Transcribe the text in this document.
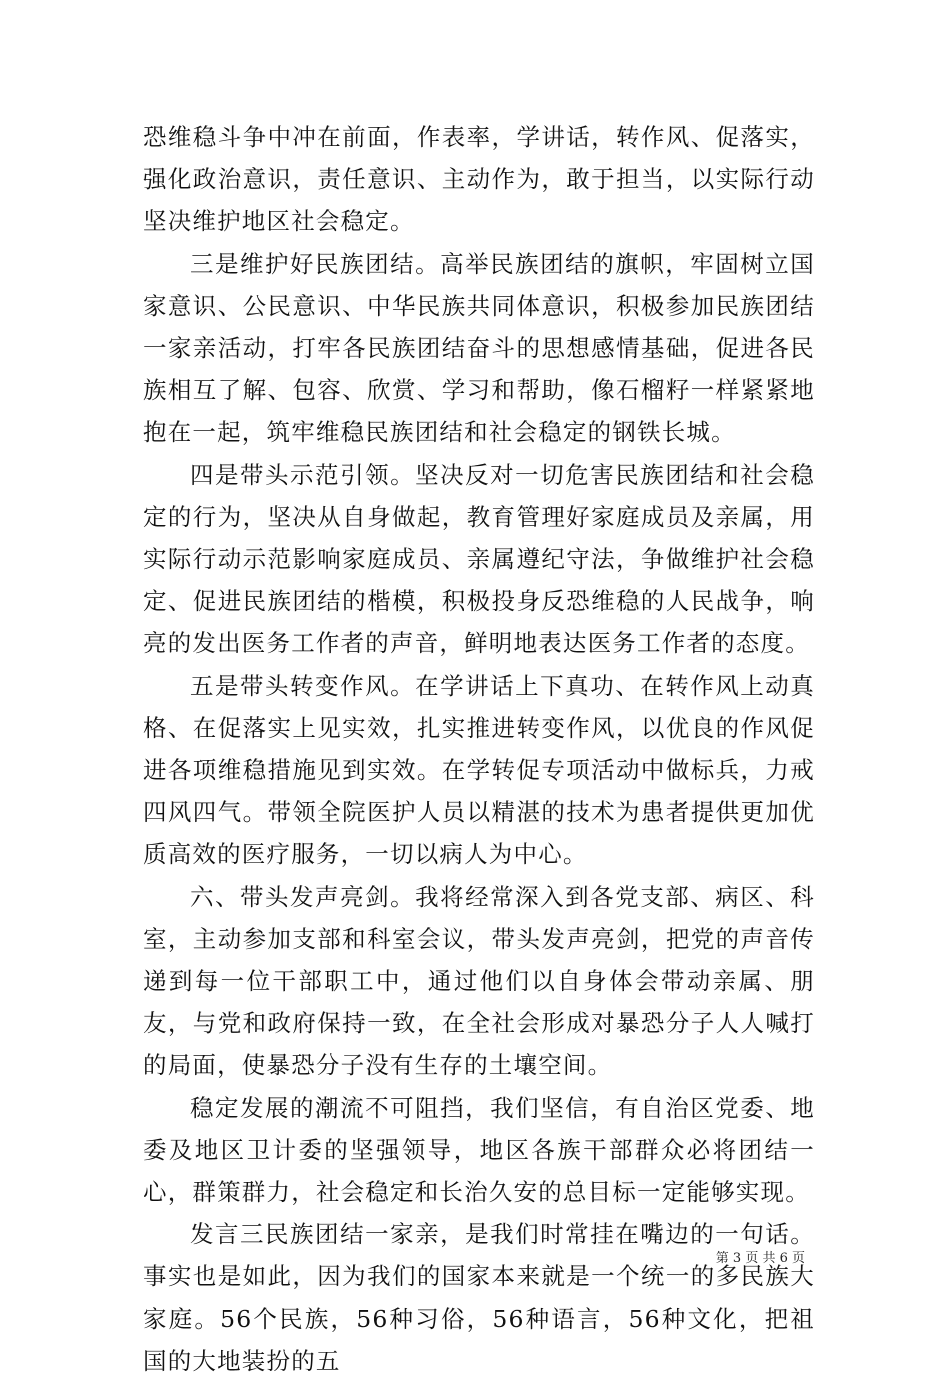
恐维稳斗争中冲在前面，作表率，学讲话，转作风、促落实，强化政治意识，责任意识、主动作为，敢于担当，以实际行动坚决维护地区社会稳定。

三是维护好民族团结。高举民族团结的旗帜，牢固树立国家意识、公民意识、中华民族共同体意识，积极参加民族团结一家亲活动，打牢各民族团结奋斗的思想感情基础，促进各民族相互了解、包容、欣赏、学习和帮助，像石榴籽一样紧紧地抱在一起，筑牢维稳民族团结和社会稳定的钢铁长城。

四是带头示范引领。坚决反对一切危害民族团结和社会稳定的行为，坚决从自身做起，教育管理好家庭成员及亲属，用实际行动示范影响家庭成员、亲属遵纪守法，争做维护社会稳定、促进民族团结的楷模，积极投身反恐维稳的人民战争，响亮的发出医务工作者的声音，鲜明地表达医务工作者的态度。

五是带头转变作风。在学讲话上下真功、在转作风上动真格、在促落实上见实效，扎实推进转变作风，以优良的作风促进各项维稳措施见到实效。在学转促专项活动中做标兵，力戒四风四气。带领全院医护人员以精湛的技术为患者提供更加优质高效的医疗服务，一切以病人为中心。

六、带头发声亮剑。我将经常深入到各党支部、病区、科室，主动参加支部和科室会议，带头发声亮剑，把党的声音传递到每一位干部职工中，通过他们以自身体会带动亲属、朋友，与党和政府保持一致，在全社会形成对暴恐分子人人喊打的局面，使暴恐分子没有生存的土壤空间。

稳定发展的潮流不可阻挡，我们坚信，有自治区党委、地委及地区卫计委的坚强领导，地区各族干部群众必将团结一心，群策群力，社会稳定和长治久安的总目标一定能够实现。

发言三民族团结一家亲，是我们时常挂在嘴边的一句话。事实也是如此，因为我们的国家本来就是一个统一的多民族大家庭。56个民族，56种习俗，56种语言，56种文化，把祖国的大地装扮的五

第 3 页 共 6 页
